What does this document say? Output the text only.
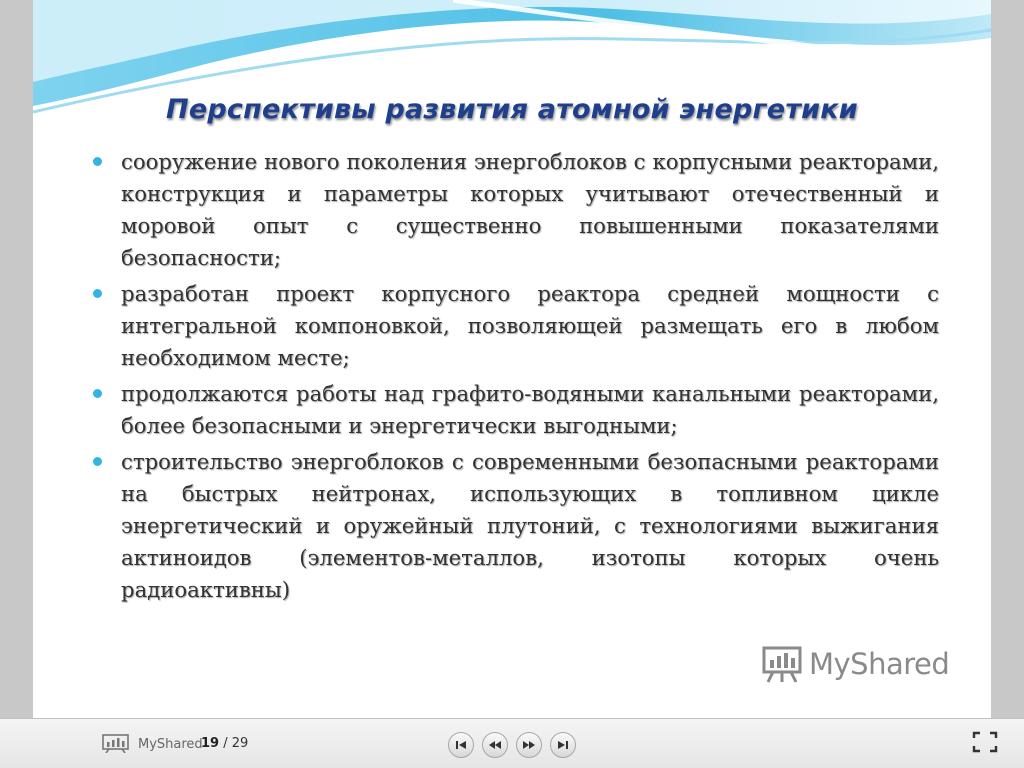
Перспективы развития атомной энергетики
сооружение нового поколения энергоблоков с корпусными реакторами, конструкция и параметры которых учитывают отечественный и моровой опыт с существенно повышенными показателями безопасности;
разработан проект корпусного реактора средней мощности с интегральной компоновкой, позволяющей размещать его в любом необходимом месте;
продолжаются работы над графито-водяными канальными реакторами, более безопасными и энергетически выгодными;
строительство энергоблоков с современными безопасными реакторами на быстрых нейтронах, использующих в топливном цикле энергетический и оружейный плутоний, с технологиями выжигания актиноидов (элементов-металлов, изотопы которых очень радиоактивны)
MyShared
MyShared
19 / 29
